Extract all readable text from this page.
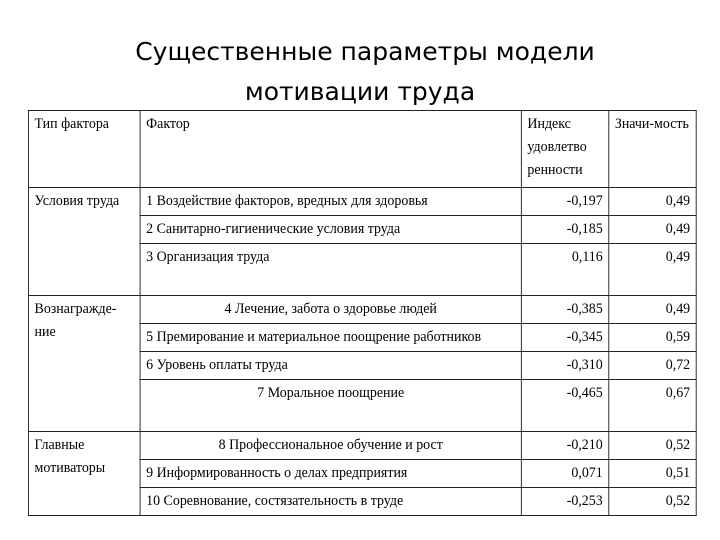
Существенные параметры модели
мотивации труда
Тип фактора	Фактор	Индекс удовлетво ренности	Значи-мость
Условия труда	1 Воздействие факторов, вредных для здоровья	-0,197	0,49
	2 Санитарно-гигиенические условия труда	-0,185	0,49
	3 Организация труда	0,116	0,49

Вознагражде-ние	4 Лечение, забота о здоровье людей	-0,385	0,49
	5 Премирование и материальное поощрение работников	-0,345	0,59
	6 Уровень оплаты труда	-0,310	0,72
	7 Моральное поощрение	-0,465	0,67

Главные мотиваторы	8 Профессиональное обучение и рост	-0,210	0,52
	9 Информированность о делах предприятия	0,071	0,51
	10 Соревнование, состязательность в труде	-0,253	0,52
